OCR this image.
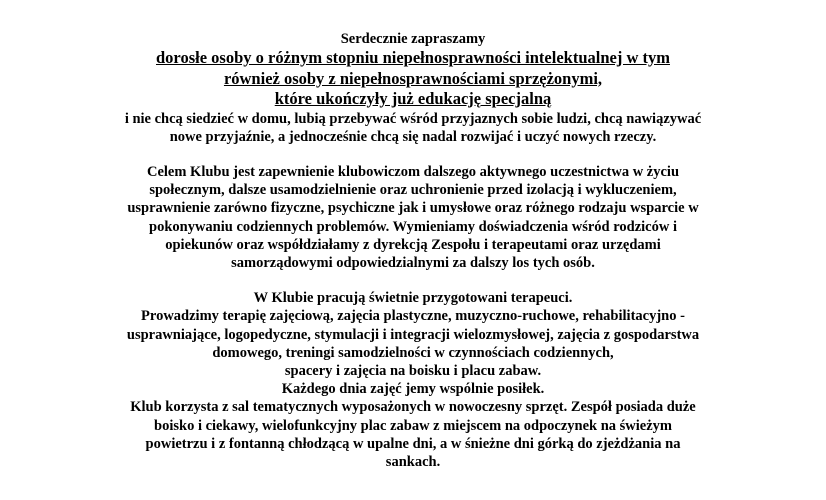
Serdecznie zapraszamy

dorosłe osoby o różnym stopniu niepełnosprawności intelektualnej w tym

również osoby z niepełnosprawnościami sprzężonymi,

które ukończyły już edukację specjalną

i nie chcą siedzieć w domu, lubią przebywać wśród przyjaznych sobie ludzi, chcą nawiązywać

nowe przyjaźnie, a jednocześnie chcą się nadal rozwijać i uczyć nowych rzeczy.

Celem Klubu jest zapewnienie klubowiczom dalszego aktywnego uczestnictwa w życiu

społecznym, dalsze usamodzielnienie oraz uchronienie przed izolacją i wykluczeniem,

usprawnienie zarówno fizyczne, psychiczne jak i umysłowe oraz różnego rodzaju wsparcie w

pokonywaniu codziennych problemów. Wymieniamy doświadczenia wśród rodziców i

opiekunów oraz współdziałamy z dyrekcją Zespołu i terapeutami oraz urzędami

samorządowymi odpowiedzialnymi za dalszy los tych osób.

W Klubie pracują świetnie przygotowani terapeuci.

Prowadzimy terapię zajęciową, zajęcia plastyczne, muzyczno-ruchowe, rehabilitacyjno -

usprawniające, logopedyczne, stymulacji i integracji wielozmysłowej, zajęcia z gospodarstwa

domowego, treningi samodzielności w czynnościach codziennych,

spacery i zajęcia na boisku i placu zabaw.

Każdego dnia zajęć jemy wspólnie posiłek.

Klub korzysta z sal tematycznych wyposażonych w nowoczesny sprzęt. Zespół posiada duże

boisko i ciekawy, wielofunkcyjny plac zabaw z miejscem na odpoczynek na świeżym

powietrzu i z fontanną chłodzącą w upalne dni, a w śnieżne dni górką do zjeżdżania na

sankach.
